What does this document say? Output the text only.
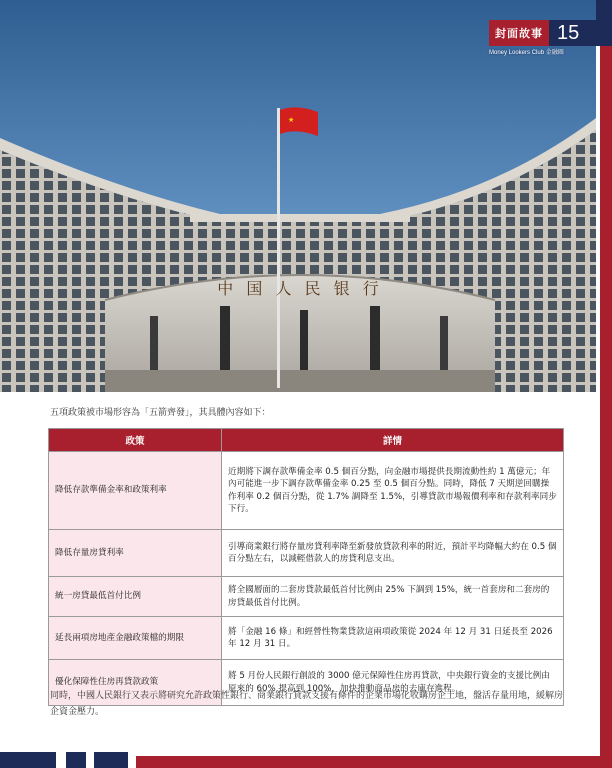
★
中 国 人 民 银 行
封面故事 15
Money Lookers Club 金融圈
五項政策被市場形容為「五箭齊發」，其具體內容如下：
政策	詳情
降低存款準備金率和政策利率	近期將下調存款準備金率 0.5 個百分點，向金融市場提供長期流動性約 1 萬億元；年內可能進一步下調存款準備金率 0.25 至 0.5 個百分點。同時，降低 7 天期逆回購操作利率 0.2 個百分點，從 1.7% 調降至 1.5%，引導貸款市場報價利率和存款利率同步下行。
降低存量房貸利率	引導商業銀行將存量房貸利率降至新發放貸款利率的附近，預計平均降幅大約在 0.5 個百分點左右，以減輕借款人的房貸利息支出。
統一房貸最低首付比例	將全國層面的二套房貸款最低首付比例由 25% 下調到 15%，統一首套房和二套房的房貸最低首付比例。
延長兩項房地產金融政策檔的期限	將「金融 16 條」和經營性物業貸款這兩項政策從 2024 年 12 月 31 日延長至 2026 年 12 月 31 日。
優化保障性住房再貸款政策	將 5 月份人民銀行創設的 3000 億元保障性住房再貸款，中央銀行資金的支援比例由原來的 60% 提高到 100%，加快推動商品房的去庫存進程。
同時，中國人民銀行又表示將研究允許政策性銀行、商業銀行貸款支援有條件的企業市場化收購房企土地，盤活存量用地，緩解房企資金壓力。
